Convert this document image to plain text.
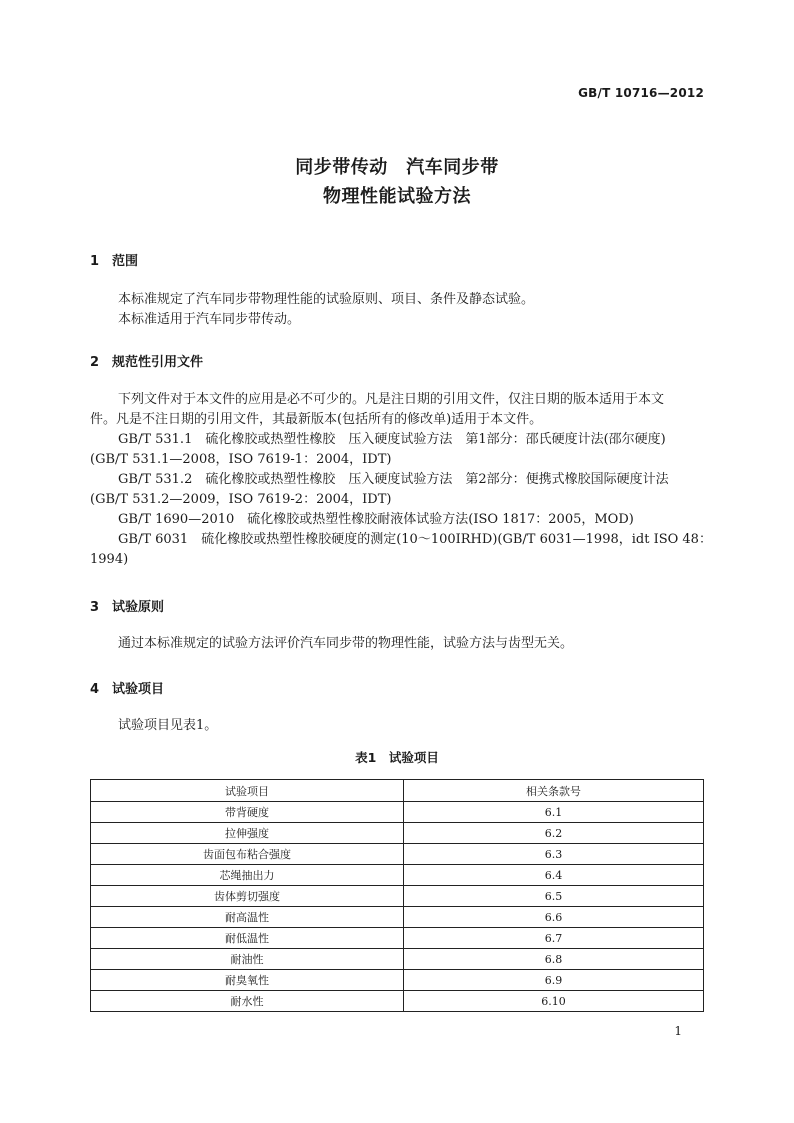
GB/T 10716—2012
同步带传动　汽车同步带
物理性能试验方法
1 范围
本标准规定了汽车同步带物理性能的试验原则、项目、条件及静态试验。
本标准适用于汽车同步带传动。
2 规范性引用文件
下列文件对于本文件的应用是必不可少的。凡是注日期的引用文件，仅注日期的版本适用于本文
件。凡是不注日期的引用文件，其最新版本(包括所有的修改单)适用于本文件。
GB/T 531.1　硫化橡胶或热塑性橡胶　压入硬度试验方法　第1部分：邵氏硬度计法(邵尔硬度)
(GB/T 531.1—2008，ISO 7619-1：2004，IDT)
GB/T 531.2　硫化橡胶或热塑性橡胶　压入硬度试验方法　第2部分：便携式橡胶国际硬度计法
(GB/T 531.2—2009，ISO 7619-2：2004，IDT)
GB/T 1690—2010　硫化橡胶或热塑性橡胶耐液体试验方法(ISO 1817：2005，MOD)
GB/T 6031　硫化橡胶或热塑性橡胶硬度的测定(10～100IRHD)(GB/T 6031—1998，idt ISO 48：
1994)
3 试验原则
通过本标准规定的试验方法评价汽车同步带的物理性能，试验方法与齿型无关。
4 试验项目
试验项目见表1。
表1　试验项目
试验项目	相关条款号
带背硬度	6.1
拉伸强度	6.2
齿面包布粘合强度	6.3
芯绳抽出力	6.4
齿体剪切强度	6.5
耐高温性	6.6
耐低温性	6.7
耐油性	6.8
耐臭氧性	6.9
耐水性	6.10
1
